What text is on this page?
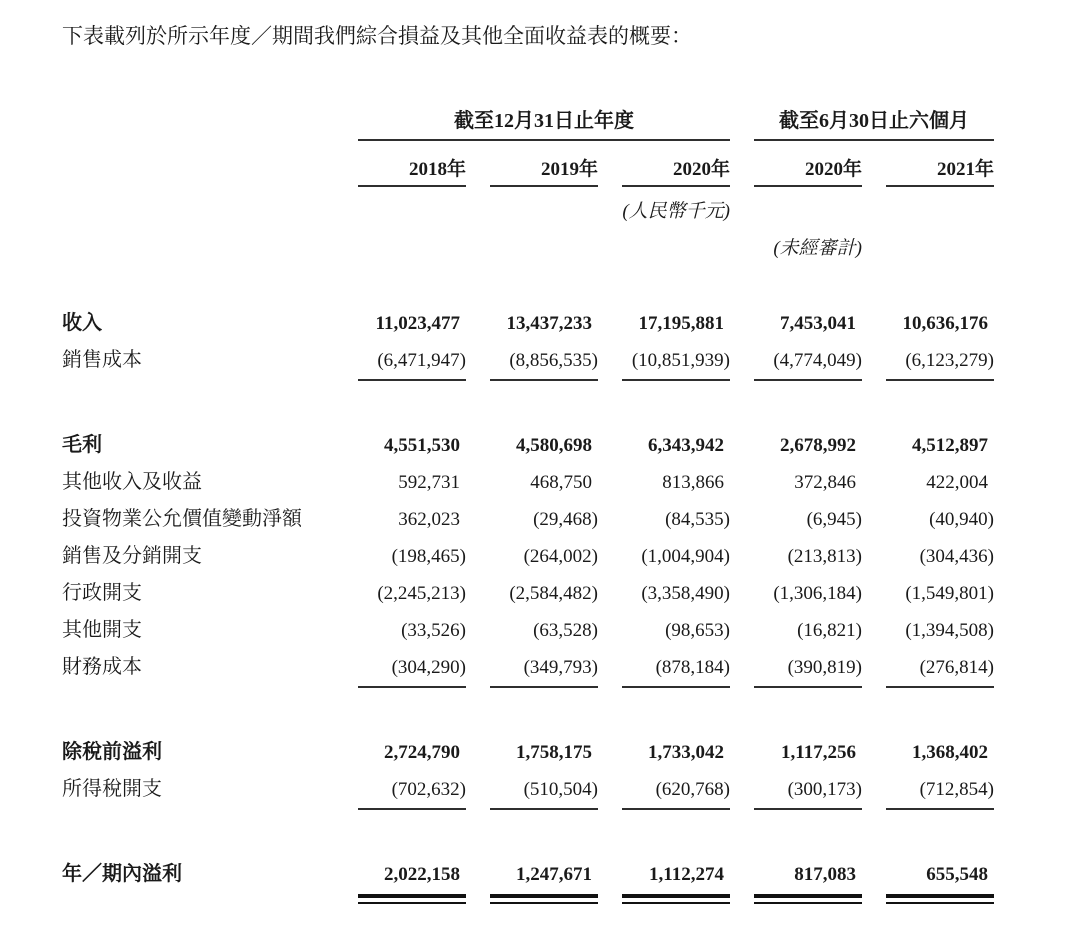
下表載列於所示年度／期間我們綜合損益及其他全面收益表的概要：

截至12月31日止年度	截至6月30日止六個月
2018年	2019年	2020年	2020年	2021年
(人民幣千元)
(未經審計)
收入	11,023,477	13,437,233	17,195,881	7,453,041	10,636,176
銷售成本	(6,471,947)	(8,856,535)	(10,851,939)	(4,774,049)	(6,123,279)
毛利	4,551,530	4,580,698	6,343,942	2,678,992	4,512,897
其他收入及收益	592,731	468,750	813,866	372,846	422,004
投資物業公允價值變動淨額	362,023	(29,468)	(84,535)	(6,945)	(40,940)
銷售及分銷開支	(198,465)	(264,002)	(1,004,904)	(213,813)	(304,436)
行政開支	(2,245,213)	(2,584,482)	(3,358,490)	(1,306,184)	(1,549,801)
其他開支	(33,526)	(63,528)	(98,653)	(16,821)	(1,394,508)
財務成本	(304,290)	(349,793)	(878,184)	(390,819)	(276,814)
除稅前溢利	2,724,790	1,758,175	1,733,042	1,117,256	1,368,402
所得稅開支	(702,632)	(510,504)	(620,768)	(300,173)	(712,854)
年／期內溢利	2,022,158	1,247,671	1,112,274	817,083	655,548
